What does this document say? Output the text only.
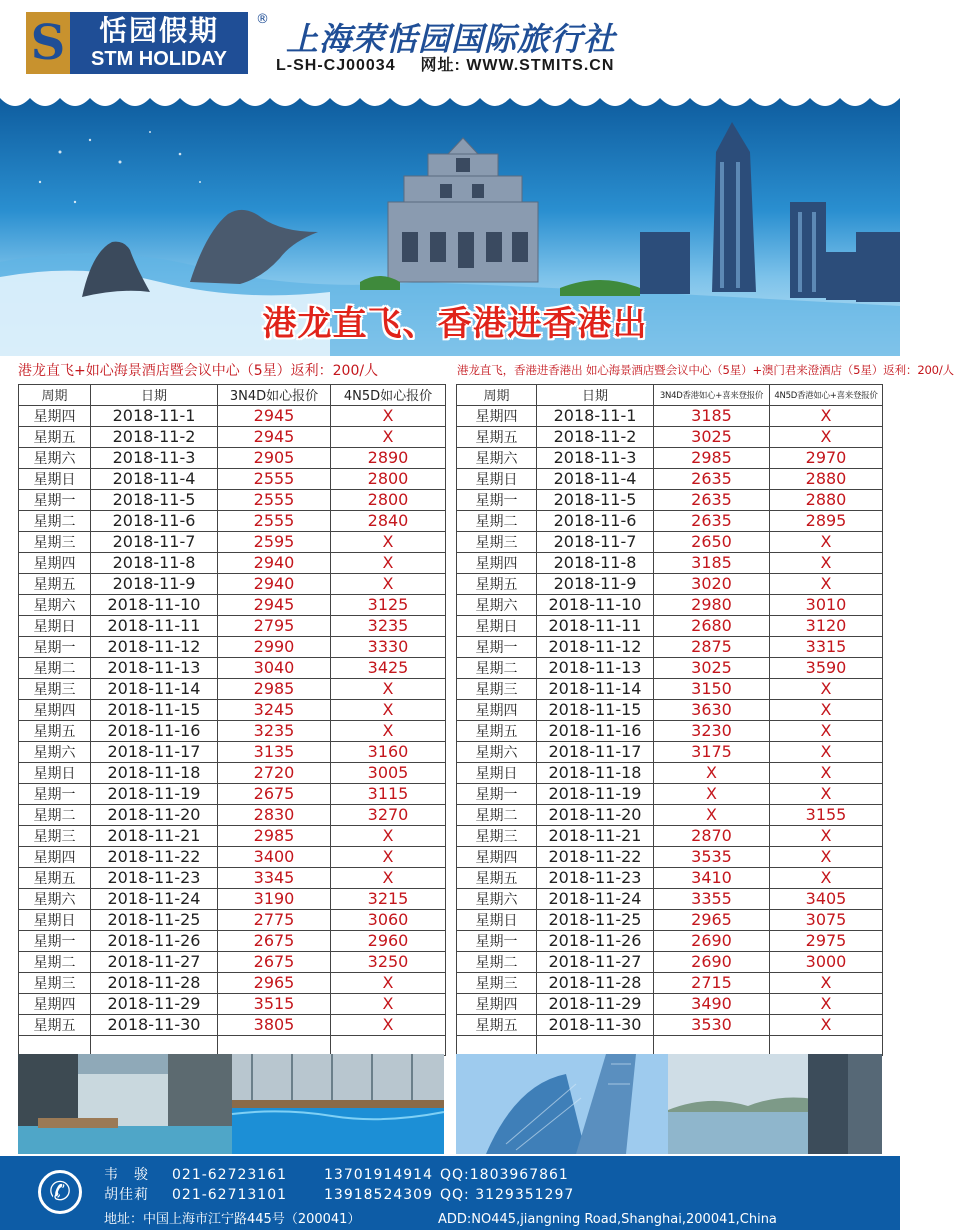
S	恬园假期
STM HOLIDAY
®
上海荣恬园国际旅行社
L-SH-CJ00034 网址: WWW.STMITS.CN
港龙直飞、香港进香港出
港龙直飞+如心海景酒店暨会议中心（5星）返利：200/人	港龙直飞，香港进香港出 如心海景酒店暨会议中心（5星）+澳门君来澄酒店（5星）返利：200/人
周期	日期	3N4D如心报价	4N5D如心报价
星期四	2018-11-1	2945	X
星期五	2018-11-2	2945	X
星期六	2018-11-3	2905	2890
星期日	2018-11-4	2555	2800
星期一	2018-11-5	2555	2800
星期二	2018-11-6	2555	2840
星期三	2018-11-7	2595	X
星期四	2018-11-8	2940	X
星期五	2018-11-9	2940	X
星期六	2018-11-10	2945	3125
星期日	2018-11-11	2795	3235
星期一	2018-11-12	2990	3330
星期二	2018-11-13	3040	3425
星期三	2018-11-14	2985	X
星期四	2018-11-15	3245	X
星期五	2018-11-16	3235	X
星期六	2018-11-17	3135	3160
星期日	2018-11-18	2720	3005
星期一	2018-11-19	2675	3115
星期二	2018-11-20	2830	3270
星期三	2018-11-21	2985	X
星期四	2018-11-22	3400	X
星期五	2018-11-23	3345	X
星期六	2018-11-24	3190	3215
星期日	2018-11-25	2775	3060
星期一	2018-11-26	2675	2960
星期二	2018-11-27	2675	3250
星期三	2018-11-28	2965	X
星期四	2018-11-29	3515	X
星期五	2018-11-30	3805	X

周期	日期	3N4D香港如心+喜来登报价	4N5D香港如心+喜来登报价
星期四	2018-11-1	3185	X
星期五	2018-11-2	3025	X
星期六	2018-11-3	2985	2970
星期日	2018-11-4	2635	2880
星期一	2018-11-5	2635	2880
星期二	2018-11-6	2635	2895
星期三	2018-11-7	2650	X
星期四	2018-11-8	3185	X
星期五	2018-11-9	3020	X
星期六	2018-11-10	2980	3010
星期日	2018-11-11	2680	3120
星期一	2018-11-12	2875	3315
星期二	2018-11-13	3025	3590
星期三	2018-11-14	3150	X
星期四	2018-11-15	3630	X
星期五	2018-11-16	3230	X
星期六	2018-11-17	3175	X
星期日	2018-11-18	X	X
星期一	2018-11-19	X	X
星期二	2018-11-20	X	3155
星期三	2018-11-21	2870	X
星期四	2018-11-22	3535	X
星期五	2018-11-23	3410	X
星期六	2018-11-24	3355	3405
星期日	2018-11-25	2965	3075
星期一	2018-11-26	2690	2975
星期二	2018-11-27	2690	3000
星期三	2018-11-28	2715	X
星期四	2018-11-29	3490	X
星期五	2018-11-30	3530	X

✆
韦　骏 021-62723161	13701914914 QQ:1803967861
胡佳莉 021-62713101	13918524309 QQ: 3129351297
地址：中国上海市江宁路445号（200041）	ADD:NO445,jiangning Road,Shanghai,200041,China
